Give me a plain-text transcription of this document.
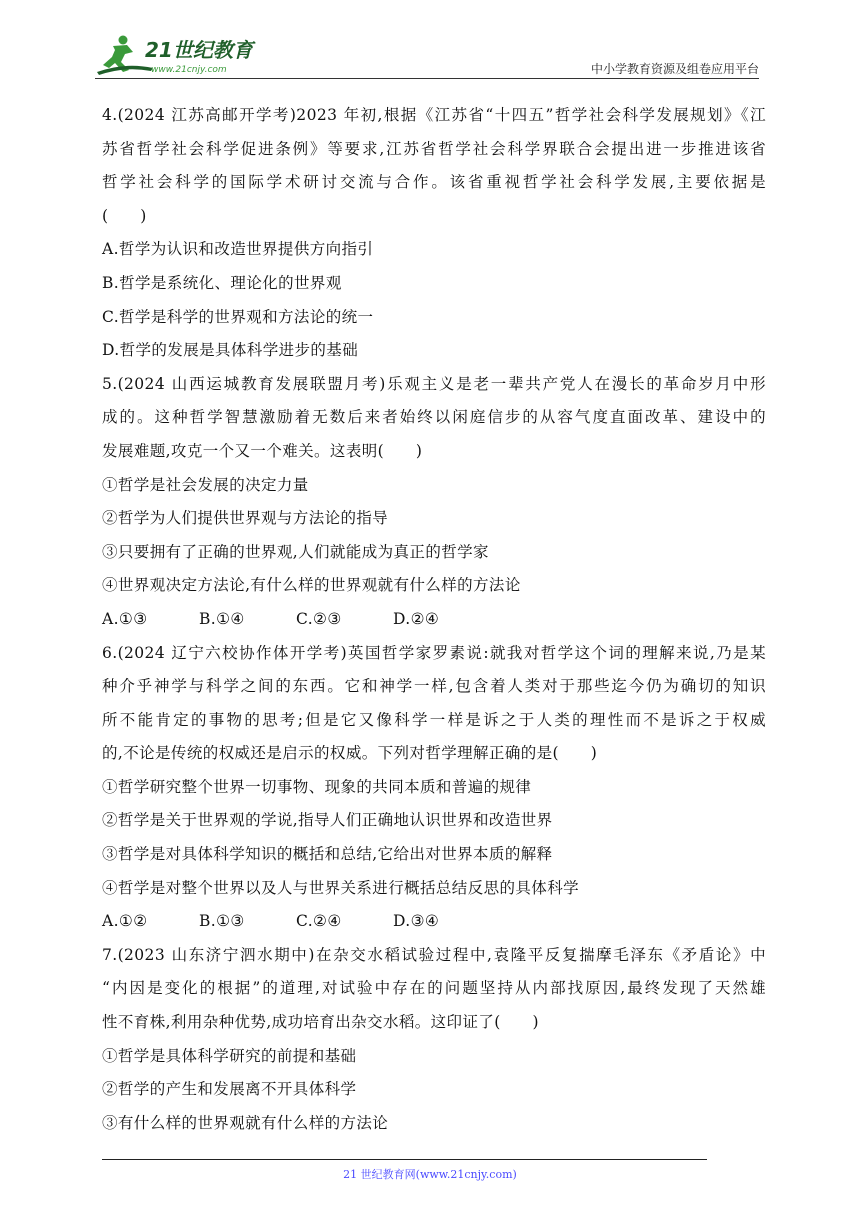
21世纪教育
www.21cnjy.com	中小学教育资源及组卷应用平台
4.(2024 江苏高邮开学考)2023 年初,根据《江苏省“十四五”哲学社会科学发展规划》《江
苏省哲学社会科学促进条例》等要求,江苏省哲学社会科学界联合会提出进一步推进该省
哲学社会科学的国际学术研讨交流与合作。该省重视哲学社会科学发展,主要依据是
(　　)
A.哲学为认识和改造世界提供方向指引
B.哲学是系统化、理论化的世界观
C.哲学是科学的世界观和方法论的统一
D.哲学的发展是具体科学进步的基础
5.(2024 山西运城教育发展联盟月考)乐观主义是老一辈共产党人在漫长的革命岁月中形
成的。这种哲学智慧激励着无数后来者始终以闲庭信步的从容气度直面改革、建设中的
发展难题,攻克一个又一个难关。这表明(　　)
①哲学是社会发展的决定力量
②哲学为人们提供世界观与方法论的指导
③只要拥有了正确的世界观,人们就能成为真正的哲学家
④世界观决定方法论,有什么样的世界观就有什么样的方法论
A.①③	B.①④	C.②③	D.②④
6.(2024 辽宁六校协作体开学考)英国哲学家罗素说:就我对哲学这个词的理解来说,乃是某
种介乎神学与科学之间的东西。它和神学一样,包含着人类对于那些迄今仍为确切的知识
所不能肯定的事物的思考;但是它又像科学一样是诉之于人类的理性而不是诉之于权威
的,不论是传统的权威还是启示的权威。下列对哲学理解正确的是(　　)
①哲学研究整个世界一切事物、现象的共同本质和普遍的规律
②哲学是关于世界观的学说,指导人们正确地认识世界和改造世界
③哲学是对具体科学知识的概括和总结,它给出对世界本质的解释
④哲学是对整个世界以及人与世界关系进行概括总结反思的具体科学
A.①②	B.①③	C.②④	D.③④
7.(2023 山东济宁泗水期中)在杂交水稻试验过程中,袁隆平反复揣摩毛泽东《矛盾论》中
“内因是变化的根据”的道理,对试验中存在的问题坚持从内部找原因,最终发现了天然雄
性不育株,利用杂种优势,成功培育出杂交水稻。这印证了(　　)
①哲学是具体科学研究的前提和基础
②哲学的产生和发展离不开具体科学
③有什么样的世界观就有什么样的方法论
21 世纪教育网(www.21cnjy.com)
